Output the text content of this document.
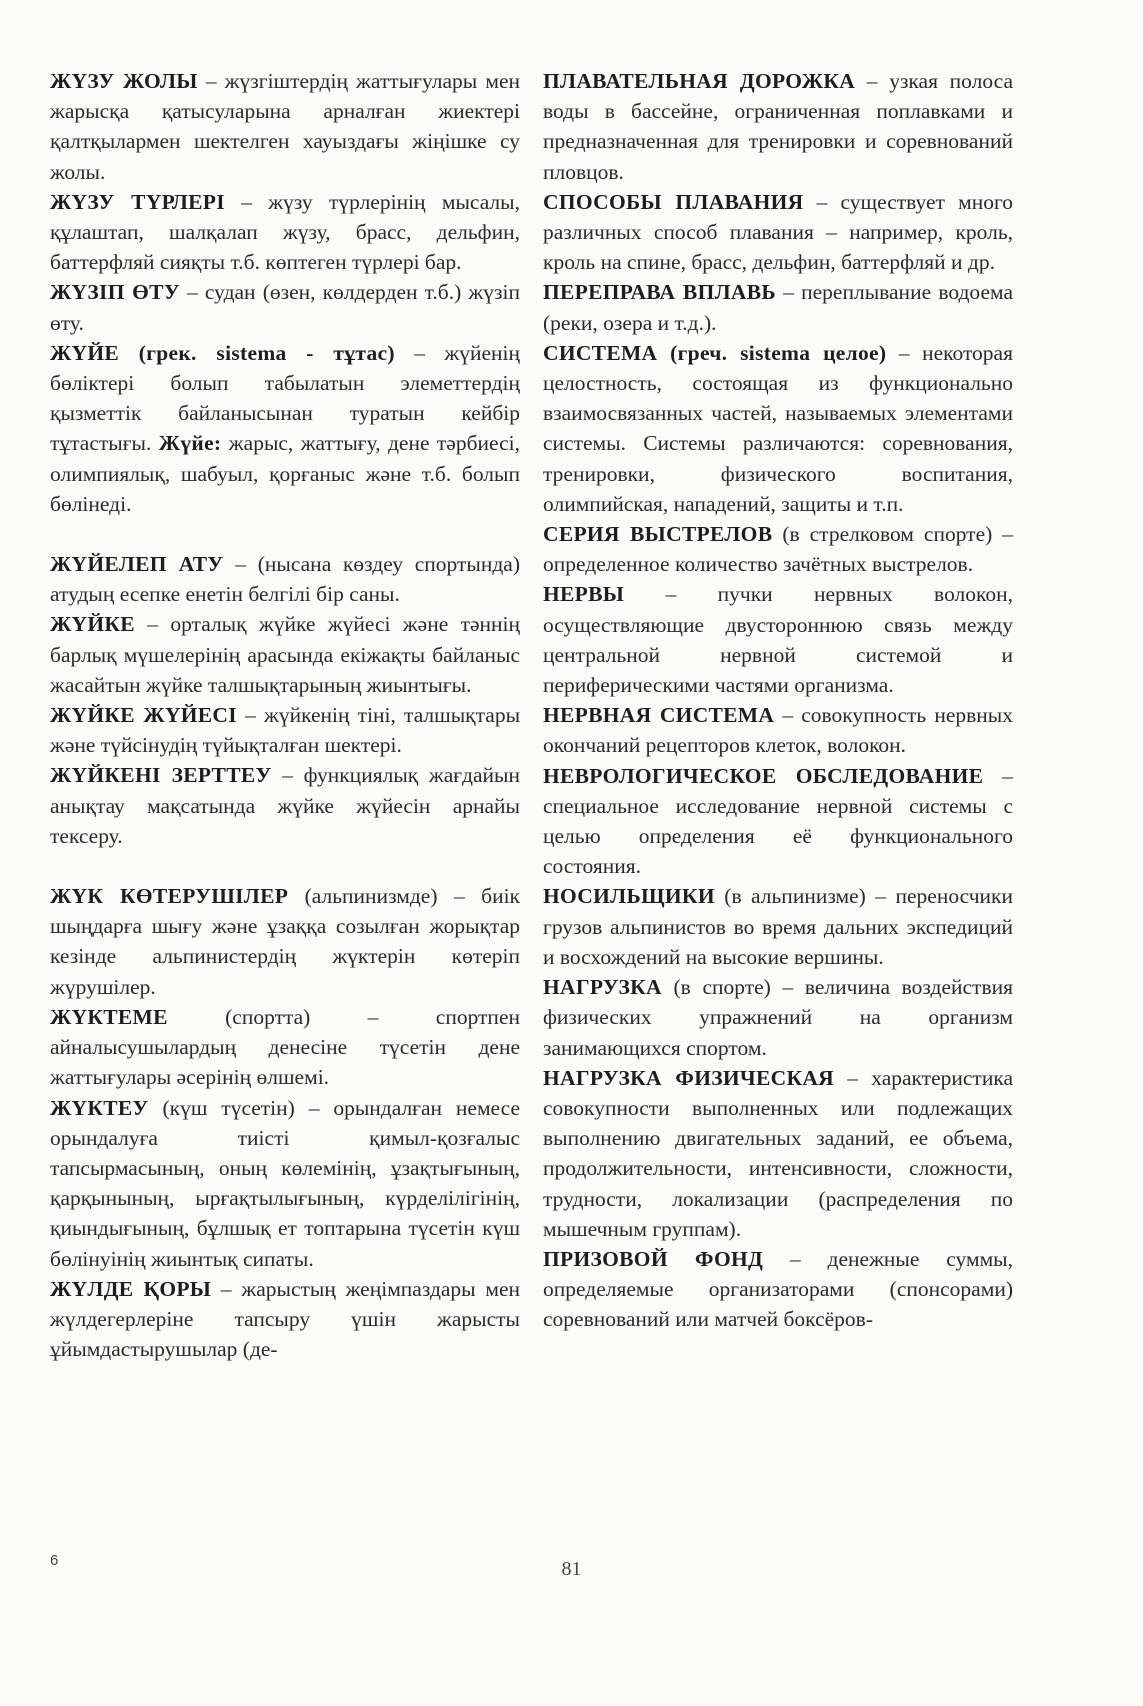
ЖҮЗУ ЖОЛЫ – жүзгіштердің жаттығулары мен жарысқа қатысуларына арналған жиектері қалтқылармен шектелген хауыздағы жіңішке су жолы.
ЖҮЗУ ТҮРЛЕРІ – жүзу түрлерінің мысалы, құлаштап, шалқалап жүзу, брасс, дельфин, баттерфляй сияқты т.б. көптеген түрлері бар.
ЖҮЗІП ӨТУ – судан (өзен, көлдерден т.б.) жүзіп өту.
ЖҮЙЕ (грек. sistema - тұтас) – жүйенің бөліктері болып табылатын элеметтердің қызметтік байланысынан туратын кейбір тұтастығы. Жүйе: жарыс, жаттығу, дене тәрбиесі, олимпиялық, шабуыл, қорғаныс және т.б. болып бөлінеді.
ЖҮЙЕЛЕП АТУ – (нысана көздеу спортында) атудың есепке енетін белгілі бір саны.
ЖҮЙКЕ – орталық жүйке жүйесі және тәннің барлық мүшелерінің арасында екіжақты байланыс жасайтын жүйке талшықтарының жиынтығы.
ЖҮЙКЕ ЖҮЙЕСІ – жүйкенің тіні, талшықтары және түйсінудің түйықталған шектері.
ЖҮЙКЕНІ ЗЕРТТЕУ – функциялық жағдайын анықтау мақсатында жүйке жүйесін арнайы тексеру.
ЖҮК КӨТЕРУШІЛЕР (альпинизмде) – биік шыңдарға шығу және ұзаққа созылған жорықтар кезінде альпинистердің жүктерін көтеріп жүрушілер.
ЖҮКТЕМЕ (спортта) – спортпен айналысушылардың денесіне түсетін дене жаттығулары әсерінің өлшемі.
ЖҮКТЕУ (күш түсетін) – орындалған немесе орындалуға тиісті қимыл-қозғалыс тапсырмасының, оның көлемінің, ұзақтығының, қарқынының, ырғақтылығының, күрделілігінің, қиындығының, бұлшық ет топтарына түсетін күш бөлінуінің жиынтық сипаты.
ЖҮЛДЕ ҚОРЫ – жарыстың жеңімпаздары мен жүлдегерлеріне тапсыру үшін жарысты ұйымдастырушылар (де-
ПЛАВАТЕЛЬНАЯ ДОРОЖКА – узкая полоса воды в бассейне, ограниченная поплавками и предназначенная для тренировки и соревнований пловцов.
СПОСОБЫ ПЛАВАНИЯ – существует много различных способ плавания – например, кроль, кроль на спине, брасс, дельфин, баттерфляй и др.
ПЕРЕПРАВА ВПЛАВЬ – переплывание водоема (реки, озера и т.д.).
СИСТЕМА (греч. sistema целое) – некоторая целостность, состоящая из функционально взаимосвязанных частей, называемых элементами системы. Системы различаются: соревнования, тренировки, физического воспитания, олимпийская, нападений, защиты и т.п.
СЕРИЯ ВЫСТРЕЛОВ (в стрелковом спорте) – определенное количество зачётных выстрелов.
НЕРВЫ – пучки нервных волокон, осуществляющие двустороннюю связь между центральной нервной системой и периферическими частями организма.
НЕРВНАЯ СИСТЕМА – совокупность нервных окончаний рецепторов клеток, волокон.
НЕВРОЛОГИЧЕСКОЕ ОБСЛЕДОВАНИЕ – специальное исследование нервной системы с целью определения её функционального состояния.
НОСИЛЬЩИКИ (в альпинизме) – переносчики грузов альпинистов во время дальних экспедиций и восхождений на высокие вершины.
НАГРУЗКА (в спорте) – величина воздействия физических упражнений на организм занимающихся спортом.
НАГРУЗКА ФИЗИЧЕСКАЯ – характеристика совокупности выполненных или подлежащих выполнению двигательных заданий, ее объема, продолжительности, интенсивности, сложности, трудности, локализации (распределения по мышечным группам).
ПРИЗОВОЙ ФОНД – денежные суммы, определяемые организаторами (спонсорами) соревнований или матчей боксёров-
6	81
